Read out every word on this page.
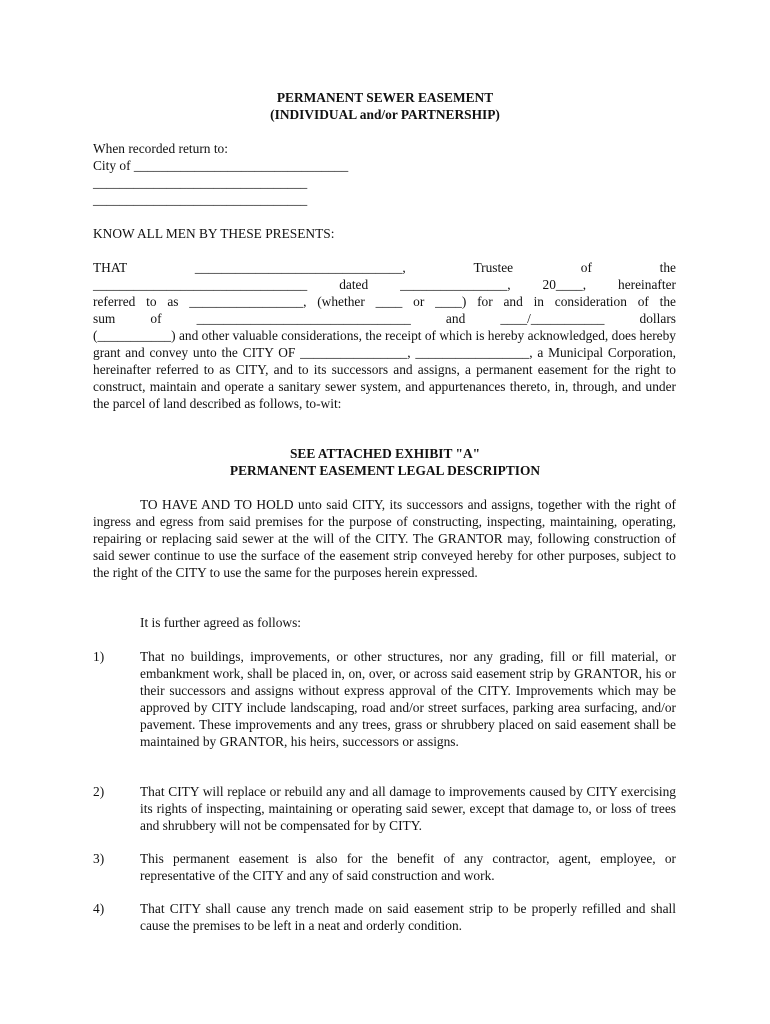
PERMANENT SEWER EASEMENT
(INDIVIDUAL and/or PARTNERSHIP)
When recorded return to:
City of ________________________________
________________________________
________________________________
KNOW ALL MEN BY THESE PRESENTS:
THAT	_______________________________,	Trustee	of	the

________________________________ dated ________________, 20____, hereinafter

referred to as _________________, (whether ____ or ____) for and in consideration of the

sum of ________________________________ and ____/___________ dollars

(___________) and other valuable considerations, the receipt of which is hereby acknowledged, does hereby grant and convey unto the CITY OF ________________, _________________, a Municipal Corporation, hereinafter referred to as CITY, and to its successors and assigns, a permanent easement for the right to construct, maintain and operate a sanitary sewer system, and appurtenances thereto, in, through, and under the parcel of land described as follows, to-wit:

SEE ATTACHED EXHIBIT "A"
PERMANENT EASEMENT LEGAL DESCRIPTION
TO HAVE AND TO HOLD unto said CITY, its successors and assigns, together with the right of ingress and egress from said premises for the purpose of constructing, inspecting, maintaining, operating, repairing or replacing said sewer at the will of the CITY. The GRANTOR may, following construction of said sewer continue to use the surface of the easement strip conveyed hereby for other purposes, subject to the right of the CITY to use the same for the purposes herein expressed.
It is further agreed as follows:
1)	That no buildings, improvements, or other structures, nor any grading, fill or fill material, or embankment work, shall be placed in, on, over, or across said easement strip by GRANTOR, his or their successors and assigns without express approval of the CITY. Improvements which may be approved by CITY include landscaping, road and/or street surfaces, parking area surfacing, and/or pavement. These improvements and any trees, grass or shrubbery placed on said easement shall be maintained by GRANTOR, his heirs, successors or assigns.
2)	That CITY will replace or rebuild any and all damage to improvements caused by CITY exercising its rights of inspecting, maintaining or operating said sewer, except that damage to, or loss of trees and shrubbery will not be compensated for by CITY.
3)	This permanent easement is also for the benefit of any contractor, agent, employee, or representative of the CITY and any of said construction and work.
4)	That CITY shall cause any trench made on said easement strip to be properly refilled and shall cause the premises to be left in a neat and orderly condition.
